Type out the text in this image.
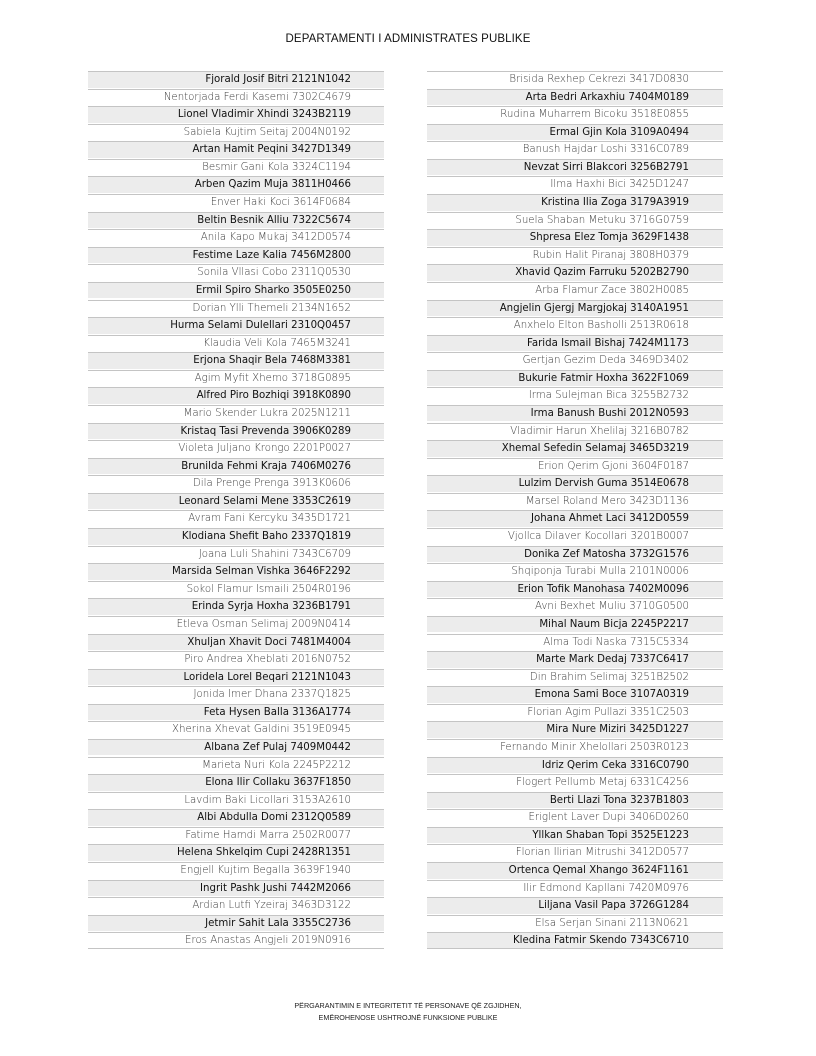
DEPARTAMENTI I ADMINISTRATES PUBLIKE
Fjorald Josif Bitri 2121N1042
Nentorjada Ferdi Kasemi 7302C4679
Lionel Vladimir Xhindi 3243B2119
Sabiela Kujtim Seitaj 2004N0192
Artan Hamit Peqini 3427D1349
Besmir Gani Kola 3324C1194
Arben Qazim Muja 3811H0466
Enver Haki Koci 3614F0684
Beltin Besnik Alliu 7322C5674
Anila Kapo Mukaj 3412D0574
Festime Laze Kalia 7456M2800
Sonila Vllasi Cobo 2311Q0530
Ermil Spiro Sharko 3505E0250
Dorian Ylli Themeli 2134N1652
Hurma Selami Dulellari 2310Q0457
Klaudia Veli Kola 7465M3241
Erjona Shaqir Bela 7468M3381
Agim Myfit Xhemo 3718G0895
Alfred Piro Bozhiqi 3918K0890
Mario Skender Lukra 2025N1211
Kristaq Tasi Prevenda 3906K0289
Violeta Juljano Krongo 2201P0027
Brunilda Fehmi Kraja 7406M0276
Dila Prenge Prenga 3913K0606
Leonard Selami Mene 3353C2619
Avram Fani Kercyku 3435D1721
Klodiana Shefit Baho 2337Q1819
Joana Luli Shahini 7343C6709
Marsida Selman Vishka 3646F2292
Sokol Flamur Ismaili 2504R0196
Erinda Syrja Hoxha 3236B1791
Etleva Osman Selimaj 2009N0414
Xhuljan Xhavit Doci 7481M4004
Piro Andrea Xheblati 2016N0752
Loridela Lorel Beqari 2121N1043
Jonida Imer Dhana 2337Q1825
Feta Hysen Balla 3136A1774
Xherina Xhevat Galdini 3519E0945
Albana Zef Pulaj 7409M0442
Marieta Nuri Kola 2245P2212
Elona Ilir Collaku 3637F1850
Lavdim Baki Licollari 3153A2610
Albi Abdulla Domi 2312Q0589
Fatime Hamdi Marra 2502R0077
Helena Shkelqim Cupi 2428R1351
Engjell Kujtim Begalla 3639F1940
Ingrit Pashk Jushi 7442M2066
Ardian Lutfi Yzeiraj 3463D3122
Jetmir Sahit Lala 3355C2736
Eros Anastas Angjeli 2019N0916
Brisida Rexhep Cekrezi 3417D0830
Arta Bedri Arkaxhiu 7404M0189
Rudina Muharrem Bicoku 3518E0855
Ermal Gjin Kola 3109A0494
Banush Hajdar Loshi 3316C0789
Nevzat Sirri Blakcori 3256B2791
Ilma Haxhi Bici 3425D1247
Kristina Ilia Zoga 3179A3919
Suela Shaban Metuku 3716G0759
Shpresa Elez Tomja 3629F1438
Rubin Halit Piranaj 3808H0379
Xhavid Qazim Farruku 5202B2790
Arba Flamur Zace 3802H0085
Angjelin Gjergj Margjokaj 3140A1951
Anxhelo Elton Basholli 2513R0618
Farida Ismail Bishaj 7424M1173
Gertjan Gezim Deda 3469D3402
Bukurie Fatmir Hoxha 3622F1069
Irma Sulejman Bica 3255B2732
Irma Banush Bushi 2012N0593
Vladimir Harun Xhelilaj 3216B0782
Xhemal Sefedin Selamaj 3465D3219
Erion Qerim Gjoni 3604F0187
Lulzim Dervish Guma 3514E0678
Marsel Roland Mero 3423D1136
Johana Ahmet Laci 3412D0559
Vjollca Dilaver Kocollari 3201B0007
Donika Zef Matosha 3732G1576
Shqiponja Turabi Mulla 2101N0006
Erion Tofik Manohasa 7402M0096
Avni Bexhet Muliu 3710G0500
Mihal Naum Bicja 2245P2217
Alma Todi Naska 7315C5334
Marte Mark Dedaj 7337C6417
Din Brahim Selimaj 3251B2502
Emona Sami Boce 3107A0319
Florian Agim Pullazi 3351C2503
Mira Nure Miziri 3425D1227
Fernando Minir Xhelollari 2503R0123
Idriz Qerim Ceka 3316C0790
Flogert Pellumb Metaj 6331C4256
Berti Llazi Tona 3237B1803
Eriglent Laver Dupi 3406D0260
Yllkan Shaban Topi 3525E1223
Florian Ilirian Mitrushi 3412D0577
Ortenca Qemal Xhango 3624F1161
Ilir Edmond Kapllani 7420M0976
Liljana Vasil Papa 3726G1284
Elsa Serjan Sinani 2113N0621
Kledina Fatmir Skendo 7343C6710
PËRGARANTIMIN E INTEGRITETIT TË PERSONAVE QË ZGJIDHEN,
EMËROHENOSE USHTROJNË FUNKSIONE PUBLIKE
